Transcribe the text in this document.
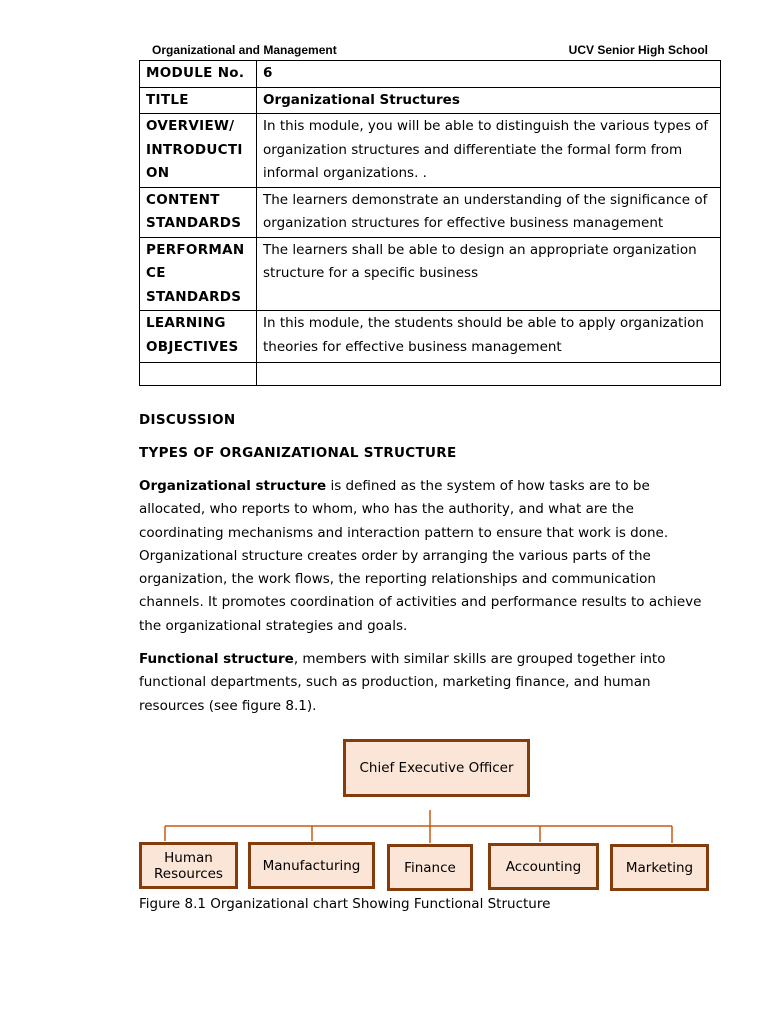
Organizational and Management	UCV Senior High School
MODULE No.	6
TITLE	Organizational Structures
OVERVIEW/ INTRODUCTI ON	In this module, you will be able to distinguish the various types of organization structures and differentiate the formal form from informal organizations. .
CONTENT STANDARDS	The learners demonstrate an understanding of the significance of organization structures for effective business management
PERFORMAN CE STANDARDS	The learners shall be able to design an appropriate organization structure for a specific business
LEARNING OBJECTIVES	In this module, the students should be able to apply organization theories for effective business management

DISCUSSION

TYPES OF ORGANIZATIONAL STRUCTURE

Organizational structure is defined as the system of how tasks are to be allocated, who reports to whom, who has the authority, and what are the coordinating mechanisms and interaction pattern to ensure that work is done. Organizational structure creates order by arranging the various parts of the organization, the work flows, the reporting relationships and communication channels. It promotes coordination of activities and performance results to achieve the organizational strategies and goals.

Functional structure, members with similar skills are grouped together into functional departments, such as production, marketing finance, and human resources (see figure 8.1).

Chief Executive Officer
Human Resources	Manufacturing	Finance	Accounting	Marketing
Figure 8.1 Organizational chart Showing Functional Structure
